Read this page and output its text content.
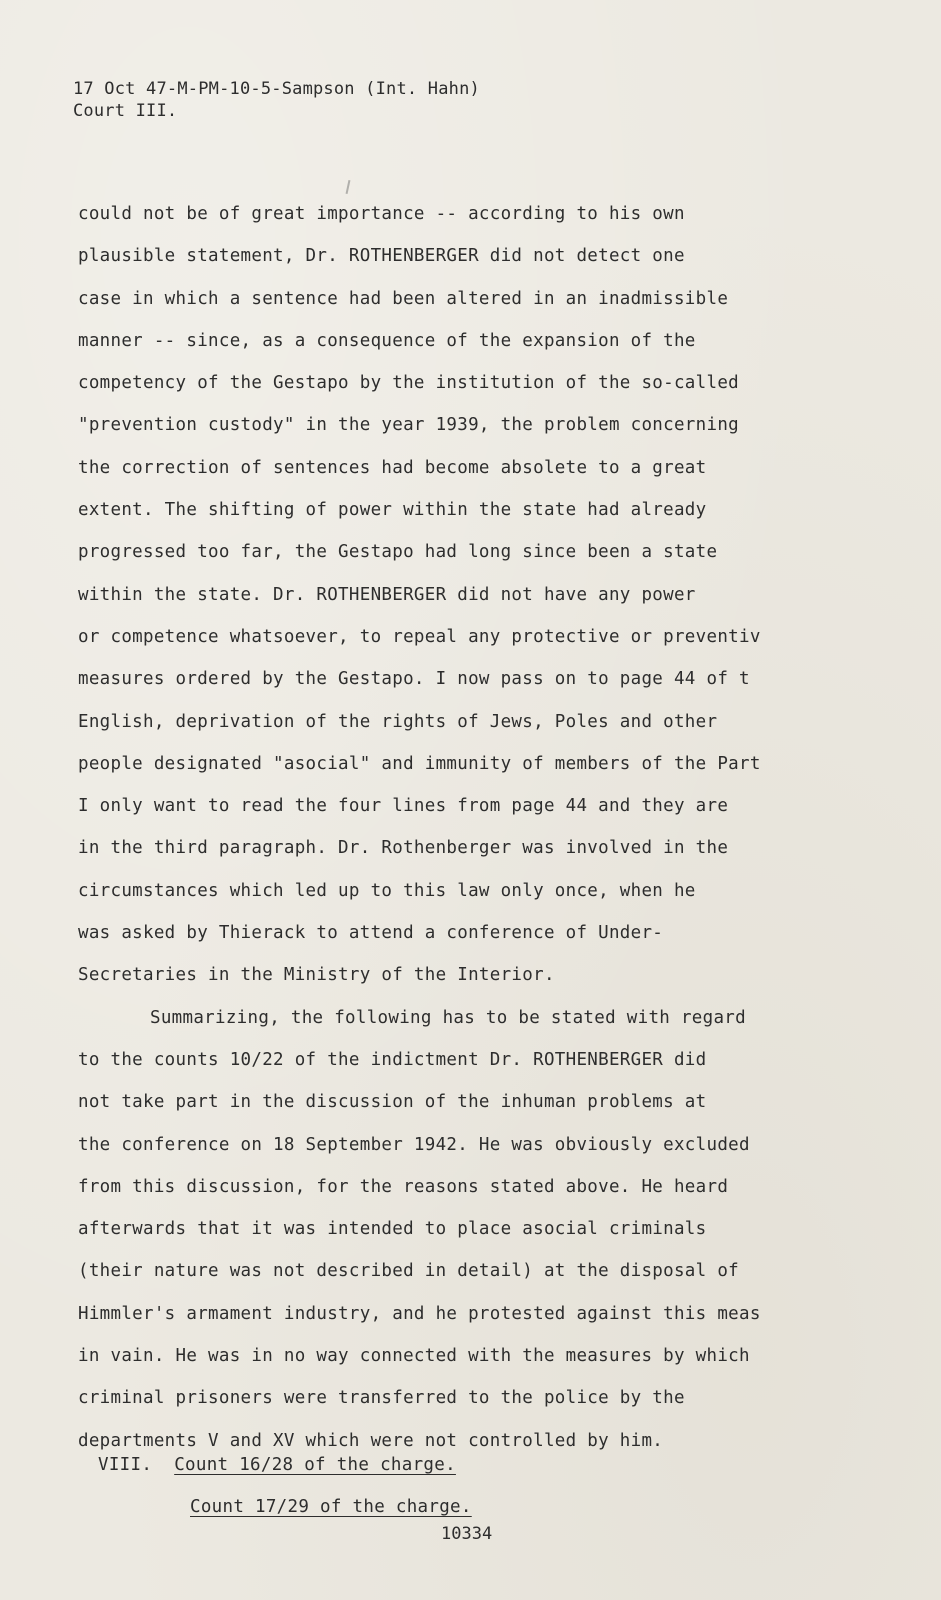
17 Oct 47-M-PM-10-5-Sampson (Int. Hahn)
Court III.
could not be of great importance -- according to his own
plausible statement, Dr. ROTHENBERGER did not detect one
case in which a sentence had been altered in an inadmissible
manner -- since, as a consequence of the expansion of the
competency of the Gestapo by the institution of the so-called
"prevention custody" in the year 1939, the problem concerning
the correction of sentences had become absolete to a great
extent. The shifting of power within the state had already
progressed too far, the Gestapo had long since been a state
within the state. Dr. ROTHENBERGER did not have any power
or competence whatsoever, to repeal any protective or preventiv
measures ordered by the Gestapo. I now pass on to page 44 of t
English, deprivation of the rights of Jews, Poles and other
people designated "asocial" and immunity of members of the Part
I only want to read the four lines from page 44 and they are
in the third paragraph. Dr. Rothenberger was involved in the
circumstances which led up to this law only once, when he
was asked by Thierack to attend a conference of Under-
Secretaries in the Ministry of the Interior.
Summarizing, the following has to be stated with regard
to the counts 10/22 of the indictment Dr. ROTHENBERGER did
not take part in the discussion of the inhuman problems at
the conference on 18 September 1942. He was obviously excluded
from this discussion, for the reasons stated above. He heard
afterwards that it was intended to place asocial criminals
(their nature was not described in detail) at the disposal of
Himmler's armament industry, and he protested against this meas
in vain. He was in no way connected with the measures by which
criminal prisoners were transferred to the police by the
departments V and XV which were not controlled by him.
VIII. Count 16/28 of the charge.
Count 17/29 of the charge.
10334
